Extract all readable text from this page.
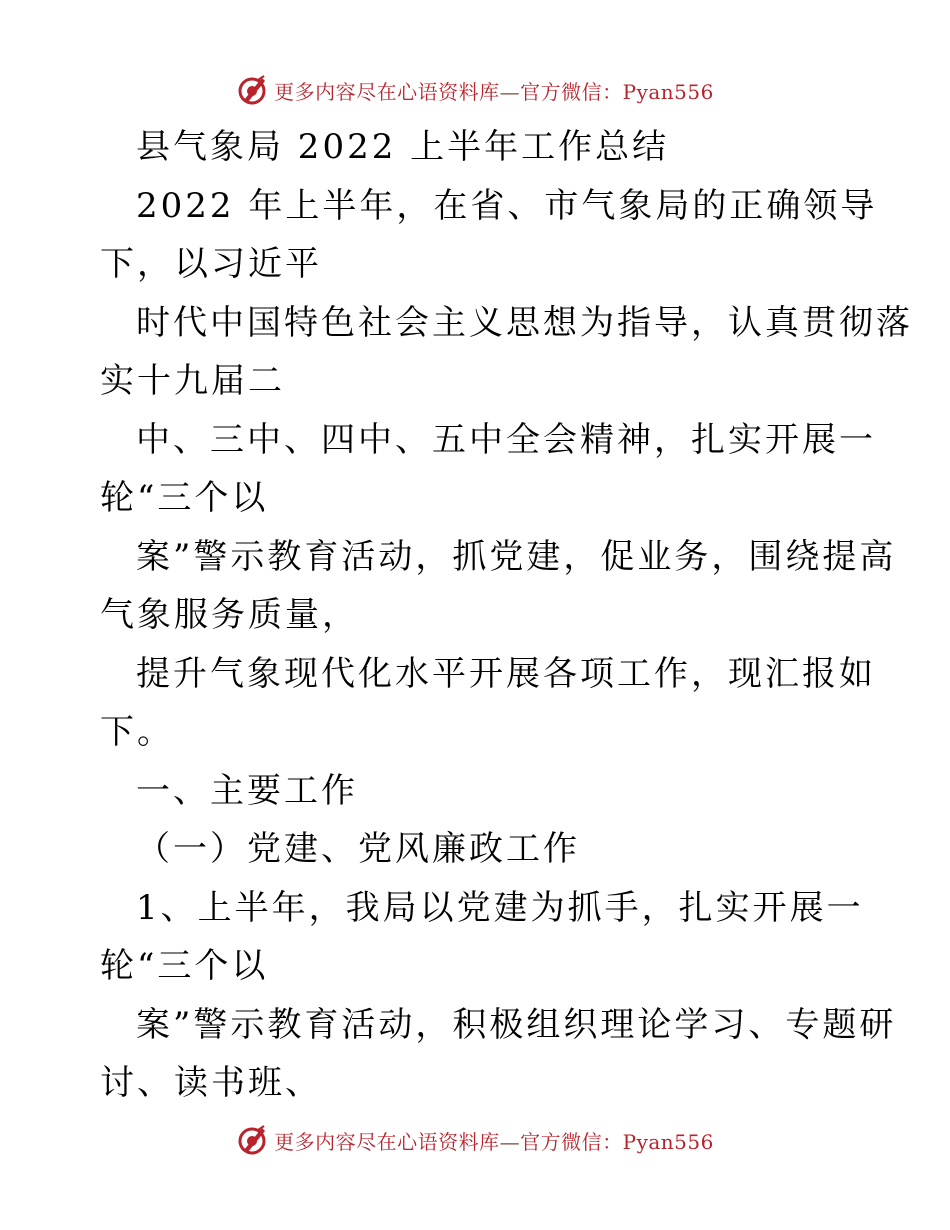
更多内容尽在心语资料库—官方微信：Pyan556
县气象局 2022 上半年工作总结
2022 年上半年，在省、市气象局的正确领导
下，以习近平
时代中国特色社会主义思想为指导，认真贯彻落
实十九届二
中、三中、四中、五中全会精神，扎实开展一
轮“三个以
案”警示教育活动，抓党建，促业务，围绕提高
气象服务质量，
提升气象现代化水平开展各项工作，现汇报如
下。
一、主要工作
（一）党建、党风廉政工作
1、上半年，我局以党建为抓手，扎实开展一
轮“三个以
案”警示教育活动，积极组织理论学习、专题研
讨、读书班、
更多内容尽在心语资料库—官方微信：Pyan556
